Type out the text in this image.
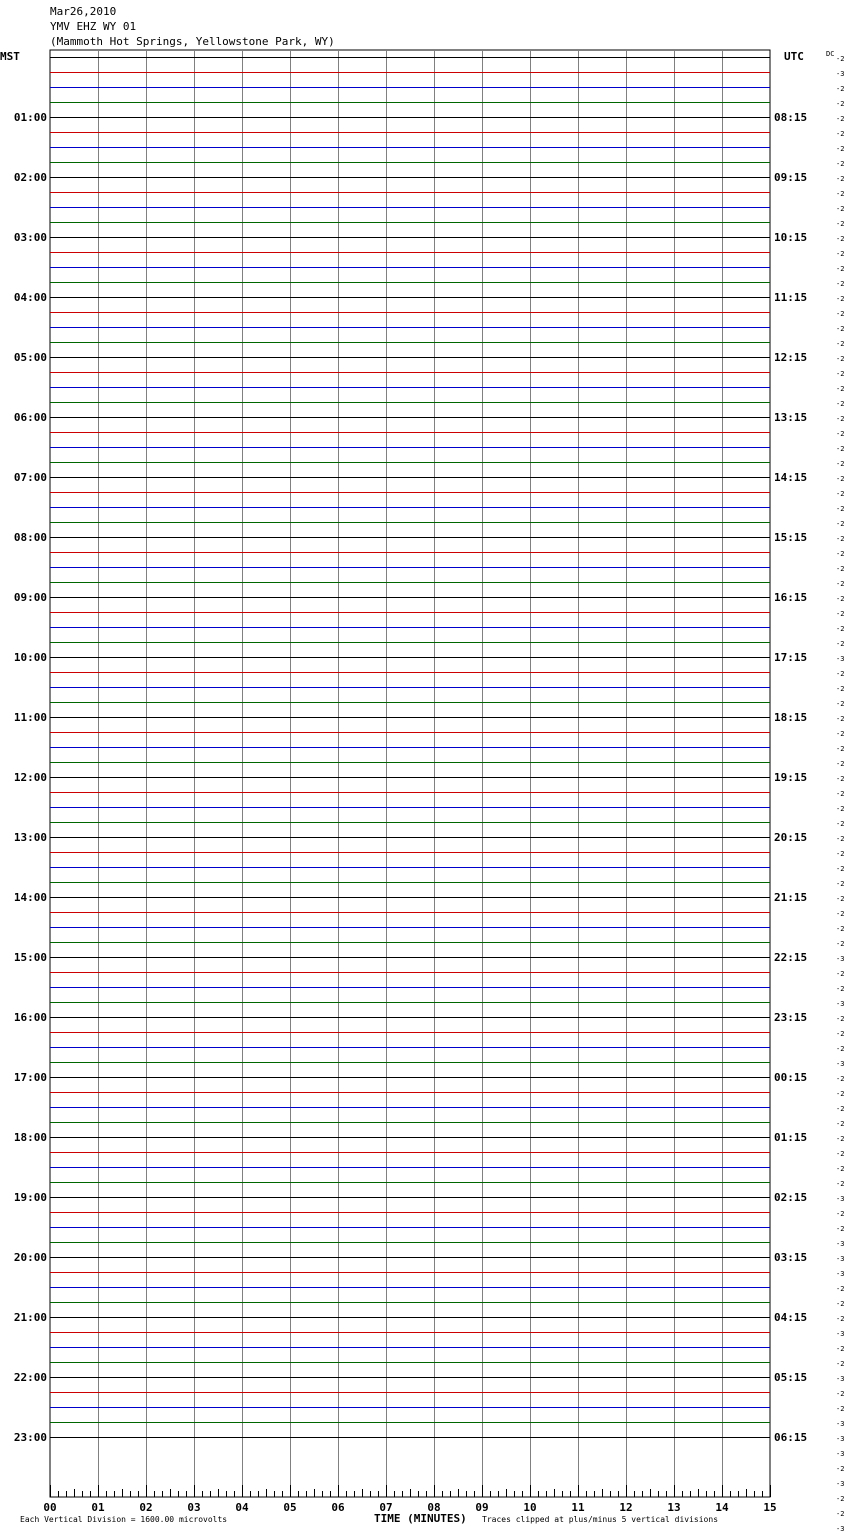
Mar26,2010
YMV EHZ WY 01
(Mammoth Hot Springs, Yellowstone Park, WY)
MST	UTC	DC
01:00
02:00
03:00
04:00
05:00
06:00
07:00
08:00
09:00
10:00
11:00
12:00
13:00
14:00
15:00
16:00
17:00
18:00
19:00
20:00
21:00
22:00
23:00
08:15
09:15
10:15
11:15
12:15
13:15
14:15
15:15
16:15
17:15
18:15
19:15
20:15
21:15
22:15
23:15
00:15
01:15
02:15
03:15
04:15
05:15
06:15
-2
-3
-2
-2
-2
-2
-2
-2
-2
-2
-2
-2
-2
-2
-2
-2
-2
-2
-2
-2
-2
-2
-2
-2
-2
-2
-2
-2
-2
-2
-2
-2
-2
-2
-2
-2
-2
-2
-2
-2
-3
-2
-2
-2
-2
-2
-2
-2
-2
-2
-2
-2
-2
-2
-2
-2
-2
-2
-2
-2
-3
-2
-2
-3
-2
-2
-2
-3
-2
-2
-2
-2
-2
-2
-2
-2
-3
-2
-2
-3
-3
-3
-2
-2
-2
-3
-2
-2
-3
-2
-2
-3
-3
-3
-2
-3
-2
-2
-3
00	01	02	03	04	05	06	07	08	09	10	11	12	13	14	15
TIME (MINUTES)
Each Vertical Division = 1600.00 microvolts	Traces clipped at plus/minus 5 vertical divisions
